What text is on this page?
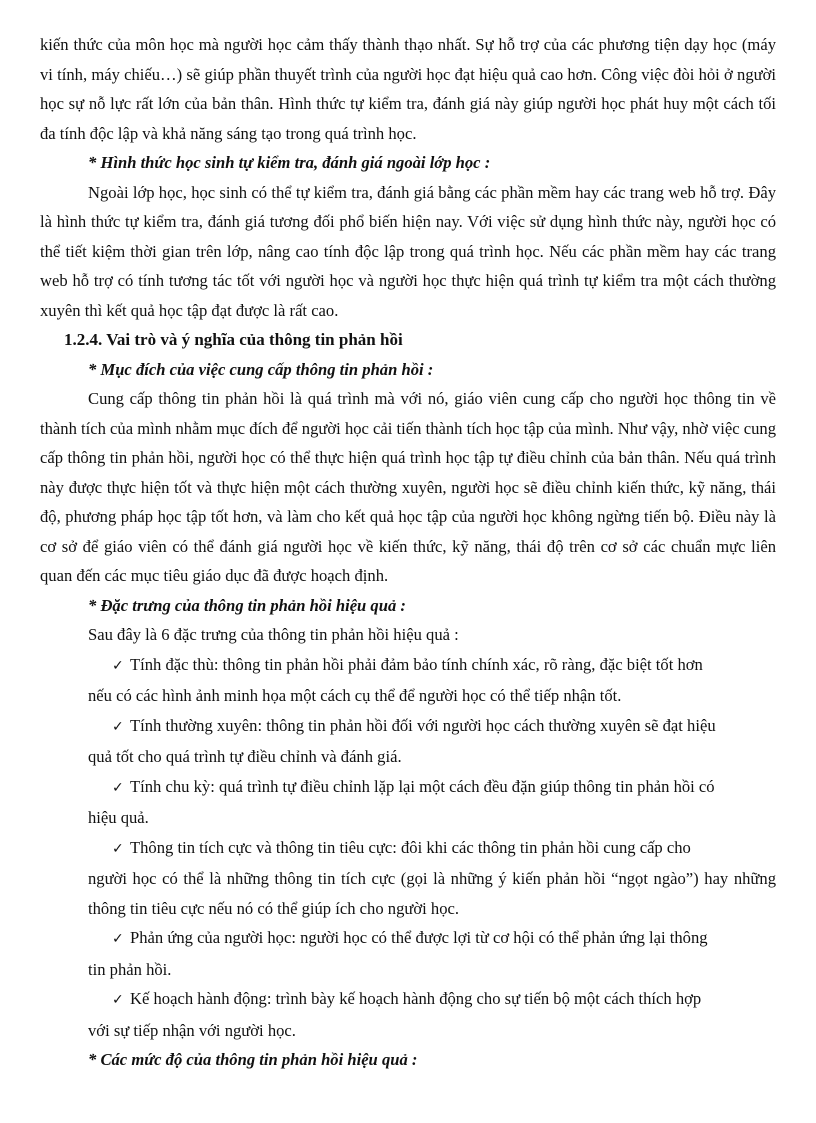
kiến thức của môn học mà người học cảm thấy thành thạo nhất. Sự hỗ trợ của các phương tiện dạy học (máy vi tính, máy chiếu…) sẽ giúp phần thuyết trình của người học đạt hiệu quả cao hơn. Công việc đòi hỏi ở người học sự nỗ lực rất lớn của bản thân. Hình thức tự kiểm tra, đánh giá này giúp người học phát huy một cách tối đa tính độc lập và khả năng sáng tạo trong quá trình học.

* Hình thức học sinh tự kiểm tra, đánh giá ngoài lớp học :

Ngoài lớp học, học sinh có thể tự kiểm tra, đánh giá bằng các phần mềm hay các trang web hỗ trợ. Đây là hình thức tự kiểm tra, đánh giá tương đối phổ biến hiện nay. Với việc sử dụng hình thức này, người học có thể tiết kiệm thời gian trên lớp, nâng cao tính độc lập trong quá trình học. Nếu các phần mềm hay các trang web hỗ trợ có tính tương tác tốt với người học và người học thực hiện quá trình tự kiểm tra một cách thường xuyên thì kết quả học tập đạt được là rất cao.

1.2.4. Vai trò và ý nghĩa của thông tin phản hồi

* Mục đích của việc cung cấp thông tin phản hồi :

Cung cấp thông tin phản hồi là quá trình mà với nó, giáo viên cung cấp cho người học thông tin về thành tích của mình nhằm mục đích để người học cải tiến thành tích học tập của mình. Như vậy, nhờ việc cung cấp thông tin phản hồi, người học có thể thực hiện quá trình học tập tự điều chỉnh của bản thân. Nếu quá trình này được thực hiện tốt và thực hiện một cách thường xuyên, người học sẽ điều chỉnh kiến thức, kỹ năng, thái độ, phương pháp học tập tốt hơn, và làm cho kết quả học tập của người học không ngừng tiến bộ. Điều này là cơ sở để giáo viên có thể đánh giá người học về kiến thức, kỹ năng, thái độ trên cơ sở các chuẩn mực liên quan đến các mục tiêu giáo dục đã được hoạch định.

* Đặc trưng của thông tin phản hồi hiệu quả :

Sau đây là 6 đặc trưng của thông tin phản hồi hiệu quả :

✓ Tính đặc thù: thông tin phản hồi phải đảm bảo tính chính xác, rõ ràng, đặc biệt tốt hơn
nếu có các hình ảnh minh họa một cách cụ thể để người học có thể tiếp nhận tốt.
✓ Tính thường xuyên: thông tin phản hồi đối với người học cách thường xuyên sẽ đạt hiệu
quả tốt cho quá trình tự điều chỉnh và đánh giá.
✓ Tính chu kỳ: quá trình tự điều chỉnh lặp lại một cách đều đặn giúp thông tin phản hồi có
hiệu quả.
✓ Thông tin tích cực và thông tin tiêu cực: đôi khi các thông tin phản hồi cung cấp cho
người học có thể là những thông tin tích cực (gọi là những ý kiến phản hồi “ngọt ngào”) hay những thông tin tiêu cực nếu nó có thể giúp ích cho người học.
✓ Phản ứng của người học: người học có thể được lợi từ cơ hội có thể phản ứng lại thông
tin phản hồi.
✓ Kế hoạch hành động: trình bày kế hoạch hành động cho sự tiến bộ một cách thích hợp
với sự tiếp nhận với người học.

* Các mức độ của thông tin phản hồi hiệu quả :
